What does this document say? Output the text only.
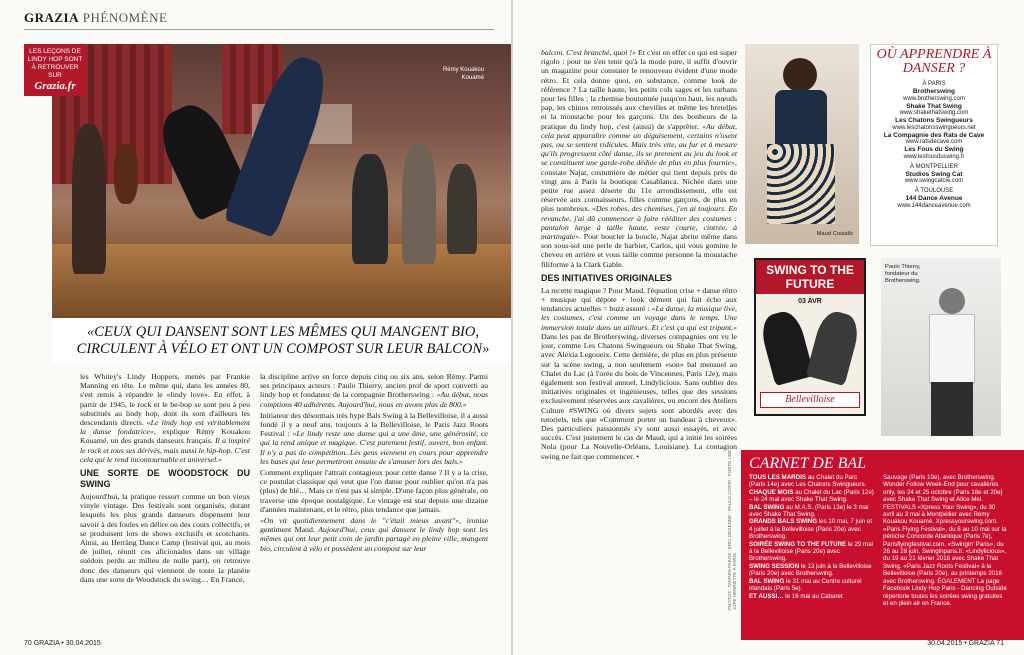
GRAZIA PHÉNOMÈNE
Rémy Kouakou Kouamé
LES LEÇONS DE LINDY HOP SONT À RETROUVER SUR
Grazia.fr
«CEUX QUI DANSENT SONT LES MÊMES QUI MANGENT BIO, CIRCULENT À VÉLO ET ONT UN COMPOST SUR LEUR BALCON»

les Whitey's Lindy Hoppers, menés par Frankie Manning en tête. Le même qui, dans les années 80, s'est remis à répandre le «lindy love». En effet, à partir de 1945, le rock et le be-bop se sont peu à peu substitués au lindy hop, dont ils sont d'ailleurs les descendants directs. «Le lindy hop est véritablement la danse fondatrice», explique Rémy Kouakou Kouamé, un des grands danseurs français. Il a inspiré le rock et tous ses dérivés, mais aussi le hip-hop. C'est cela qui le rend incontournable et universel.»

UNE SORTE DE WOODSTOCK DU SWING

Aujourd'hui, la pratique ressort comme un bon vieux vinyle vintage. Des festivals sont organisés, durant lesquels les plus grands danseurs dispensent leur savoir à des foules en délire ou des cours collectifs, et se produisent lors de shows exclusifs et scotchants. Ainsi, au Herräng Dance Camp (festival qui, au mois de juillet, réunit ces aficionados dans un village suédois perdu au milieu de nulle part), on retrouve donc des danseurs qui viennent de toute la planète dans une sorte de Woodstock du swing… En France,

la discipline arrive en force depuis cinq ou six ans, selon Rémy. Parmi ses principaux acteurs : Paulo Thierry, ancien prof de sport converti au lindy hop et fondateur de la compagnie Brotherswing : «Au début, nous comptions 40 adhérents. Aujourd'hui, nous en avons plus de 800.»

Initiateur des désormais très hype Bals Swing à la Bellevilloise, il a aussi fondé il y a neuf ans, toujours à la Bellevilloise, le Paris Jazz Roots Festival : «Le lindy reste une danse qui a une âme, une générosité, ce qui la rend unique et magique. C'est purement festif, ouvert, bon enfant. Il n'y a pas de compétition. Les gens viennent en cours pour apprendre les bases qui leur permettront ensuite de s'amuser lors des bals.»

Comment expliquer l'attrait contagieux pour cette danse ? Il y a la crise, ce postulat classique qui veut que l'on danse pour oublier qu'on n'a pas (plus) de blé… Mais ce n'est pas si simple. D'une façon plus générale, on traverse une époque nostalgique. Le vintage est star depuis une dizaine d'années maintenant, et le rétro, plus tendance que jamais.

«On vit quotidiennement dans le "c'était mieux avant"», ironise gentiment Maud. Aujourd'hui, ceux qui dansent le lindy hop sont les mêmes qui ont leur petit coin de jardin partagé en pleine ville, mangent bio, circulent à vélo et possèdent un compost sur leur

70 GRAZIA • 30.04.2015

balcon. C'est branché, quoi !» Et c'est en effet ce qui est super rigolo : pour ne s'en tenir qu'à la mode pure, il suffit d'ouvrir un magazine pour constater le renouveau évident d'une mode rétro. Et cela donne quoi, en substance, comme look de référence ? La taille haute, les petits cols sages et les turbans pour les filles ; la chemise boutonnée jusqu'en haut, les nœuds pap, les chinos retroussés aux chevilles et même les bretelles et la moustache pour les garçons. Un des bonheurs de la pratique du lindy hop, c'est (aussi) de s'apprêter. «Au début, cela peut apparaître comme un déguisement, certains n'osent pas, ou se sentent ridicules. Mais très vite, au fur et à mesure qu'ils progressent côté danse, ils se prennent au jeu du look et se constituent une garde-robe dédiée de plus en plus fournie», constate Najat, costumière de métier qui tient depuis près de vingt ans à Paris la boutique Casablanca. Nichée dans une petite rue assez déserte du 11e arrondissement, elle est réservée aux connaisseurs, filles comme garçons, de plus en plus nombreux. «Des robes, des chemises, j'en ai toujours. En revanche, j'ai dû commencer à faire rééditer des costumes : pantalon large à taille haute, veste courte, cintrée, à martingale». Pour boucler la boucle, Najat abrite même dans son sous-sol une perle de barbier, Carlos, qui vous gomine le cheveu en arrière et vous taille comme personne la moustache filiforme à la Clark Gable.

DES INITIATIVES ORIGINALES

La recette magique ? Pour Maud, l'équation crise + danse rétro + musique qui dépote + look dément qui fait écho aux tendances actuelles = buzz assuré : «La danse, la musique live, les costumes, c'est comme un voyage dans le temps. Une immersion totale dans un ailleurs. Et c'est ça qui est tripant.» Dans les pas de Brotherswing, diverses compagnies ont vu le jour, comme Les Chatons Swingueurs ou Shake That Swing, avec Alexia Legoueix. Cette dernière, de plus en plus présente sur la scène swing, a non seulement «son» bal mensuel au Chalet du Lac (à l'orée du bois de Vincennes, Paris 12e), mais également son festival annuel, Lindylicious. Sans oublier des initiatives originales et ingénieuses, telles que des sessions exclusivement réservées aux cavalières, ou encore des Ateliers Culture #SWING où divers sujets sont abordés avec des tutoriels, tels que «Comment porter un bandeau à cheveux». Des particuliers passionnés s'y sont aussi essayés, et avec succès. C'est justement le cas de Maud, qui a initié les soirées Nola (pour La Nouvelle-Orléans, Louisiane). La contagion swing ne fait que commencer. •	PHOTOS : TAMARA PAKOS ; ERIC DEGENNE ; PAULO COSTA ; PORTE UNE JUPE HENRIETTE À PARIS
Maud Cosialls
OÙ APPRENDRE À DANSER ?
À PARIS
Brotherswing
www.brotherswing.com
Shake That Swing
www.shakethatswing.com
Les Chatons Swingueurs
www.leschatonsswingueurs.net
La Compagnie des Rats de Cave
www.ratsdecave.com
Les Fous du Swing
www.lesfousduswing.fr
À MONTPELLIER
Studios Swing Cat
www.swingcatcie.com
À TOULOUSE
144 Dance Avenue
www.144danceavenue.com
SWING TO THE FUTURE
03 AVR
Bellevilloise
Paulo Thierry, fondateur du Brotherswing.
CARNET DE BAL

TOUS LES MARDIS au Chalet du Parc (Paris 14e) avec Les Chatons Swingueurs.

CHAQUE MOIS au Chalet du Lac (Paris 12e) – le 24 mai avec Shake That Swing.

BAL SWING au M.A.S. (Paris 13e) le 3 mai avec Shake That Swing.

GRANDS BALS SWING les 10 mai, 7 juin et 4 juillet à la Bellevilloise (Paris 20e) avec Brotherswing.

SOIRÉE SWING TO THE FUTURE le 29 mai à la Bellevilloise (Paris 20e) avec Brotherswing.

SWING SESSION le 13 juin à la Bellevilloise (Paris 20e) avec Brotherswing.

BAL SWING le 31 mai au Centre culturel irlandais (Paris 5e).

ET AUSSI… le 16 mai au Cabaret

Sauvage (Paris 19e), avec Brotherswing. Wonder Follow Week-End pour cavalières only, les 24 et 25 octobre (Paris 18e et 20e) avec Shake That Swing et Alice Mei. FESTIVALS «Xpress Your Swing», du 30 avril au 3 mai à Montpellier avec Rémy Kouakou Kouamé, Xpressyourswing.com. «Paris Flying Festival», du 8 au 10 mai sur la péniche Concorde Atlantique (Paris 7e), Parisflyingfestival.com. «Swingin' Paris», du 26 au 28 juin, Swinginparis.fr. «Lindylicious», du 19 au 21 février 2016 avec Shake That Swing. «Paris Jazz Roots Festival» à la Bellevilloise (Paris 20e), au printemps 2016 avec Brotherswing. ÉGALEMENT La page Facebook Lindy Hop Paris - Dancing Outside répertorie toutes les soirées swing gratuites et en plein air en France.
30.04.2015 • GRAZIA 71
